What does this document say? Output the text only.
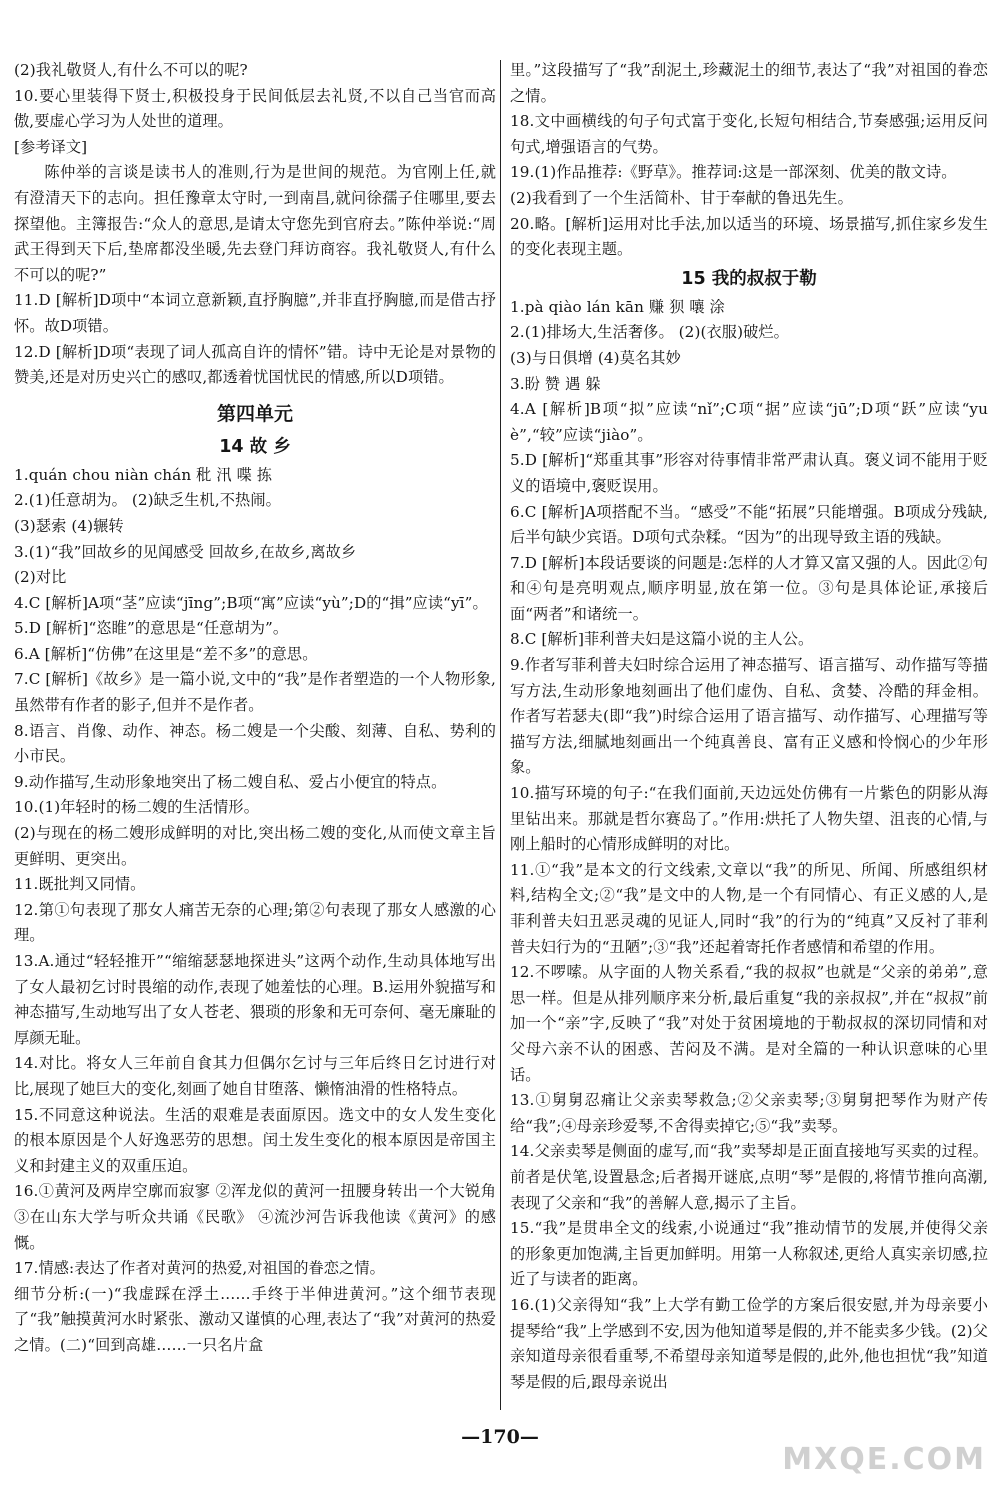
(2)我礼敬贤人,有什么不可以的呢?

10.要心里装得下贤士,积极投身于民间低层去礼贤,不以自己当官而高傲,要虚心学习为人处世的道理。

[参考译文]

陈仲举的言谈是读书人的准则,行为是世间的规范。为官刚上任,就有澄清天下的志向。担任豫章太守时,一到南昌,就问徐孺子住哪里,要去探望他。主簿报告:“众人的意思,是请太守您先到官府去。”陈仲举说:“周武王得到天下后,垫席都没坐暖,先去登门拜访商容。我礼敬贤人,有什么不可以的呢?”

11.D [解析]D项中“本词立意新颖,直抒胸臆”,并非直抒胸臆,而是借古抒怀。故D项错。

12.D [解析]D项“表现了词人孤高自许的情怀”错。诗中无论是对景物的赞美,还是对历史兴亡的感叹,都透着忧国忧民的情感,所以D项错。

第四单元

14 故 乡

1.quán chou niàn chán 秕 汛 喋 拣

2.(1)任意胡为。 (2)缺乏生机,不热闹。

(3)瑟索 (4)辗转

3.(1)“我”回故乡的见闻感受 回故乡,在故乡,离故乡

(2)对比

4.C [解析]A项“茎”应读“jīng”;B项“寓”应读“yù”;D的“揖”应读“yī”。

5.D [解析]“恣睢”的意思是“任意胡为”。

6.A [解析]“仿佛”在这里是“差不多”的意思。

7.C [解析]《故乡》是一篇小说,文中的“我”是作者塑造的一个人物形象,虽然带有作者的影子,但并不是作者。

8.语言、肖像、动作、神态。杨二嫂是一个尖酸、刻薄、自私、势利的小市民。

9.动作描写,生动形象地突出了杨二嫂自私、爱占小便宜的特点。

10.(1)年轻时的杨二嫂的生活情形。

(2)与现在的杨二嫂形成鲜明的对比,突出杨二嫂的变化,从而使文章主旨更鲜明、更突出。

11.既批判又同情。

12.第①句表现了那女人痛苦无奈的心理;第②句表现了那女人感激的心理。

13.A.通过“轻轻推开”“缩缩瑟瑟地探进头”这两个动作,生动具体地写出了女人最初乞讨时畏缩的动作,表现了她羞怯的心理。B.运用外貌描写和神态描写,生动地写出了女人苍老、猥琐的形象和无可奈何、毫无廉耻的厚颜无耻。

14.对比。将女人三年前自食其力但偶尔乞讨与三年后终日乞讨进行对比,展现了她巨大的变化,刻画了她自甘堕落、懒惰油滑的性格特点。

15.不同意这种说法。生活的艰难是表面原因。选文中的女人发生变化的根本原因是个人好逸恶劳的思想。闰土发生变化的根本原因是帝国主义和封建主义的双重压迫。

16.①黄河及两岸空廓而寂寥 ②浑龙似的黄河一扭腰身转出一个大锐角 ③在山东大学与听众共诵《民歌》 ④流沙河告诉我他读《黄河》的感慨。

17.情感:表达了作者对黄河的热爱,对祖国的眷恋之情。

细节分析:(一)“我虚踩在浮土……手终于半伸进黄河。”这个细节表现了“我”触摸黄河水时紧张、激动又谨慎的心理,表达了“我”对黄河的热爱之情。(二)“回到高雄……一只名片盒

里。”这段描写了“我”刮泥土,珍藏泥土的细节,表达了“我”对祖国的眷恋之情。

18.文中画横线的句子句式富于变化,长短句相结合,节奏感强;运用反问句式,增强语言的气势。

19.(1)作品推荐:《野草》。推荐词:这是一部深刻、优美的散文诗。

(2)我看到了一个生活简朴、甘于奉献的鲁迅先生。

20.略。[解析]运用对比手法,加以适当的环境、场景描写,抓住家乡发生的变化表现主题。

15 我的叔叔于勒

1.pà qiào lán kān 赚 狈 嚷 涂

2.(1)排场大,生活奢侈。 (2)(衣服)破烂。

(3)与日俱增 (4)莫名其妙

3.盼 赞 遇 躲

4.A [解析]B项“拟”应读“nǐ”;C项“据”应读“jū”;D项“跃”应读“yuè”,“较”应读“jiào”。

5.D [解析]“郑重其事”形容对待事情非常严肃认真。褒义词不能用于贬义的语境中,褒贬误用。

6.C [解析]A项搭配不当。“感受”不能“拓展”只能增强。B项成分残缺,后半句缺少宾语。D项句式杂糅。“因为”的出现导致主语的残缺。

7.D [解析]本段话要谈的问题是:怎样的人才算又富又强的人。因此②句和④句是亮明观点,顺序明显,放在第一位。③句是具体论证,承接后面“两者”和诸统一。

8.C [解析]菲利普夫妇是这篇小说的主人公。

9.作者写菲利普夫妇时综合运用了神态描写、语言描写、动作描写等描写方法,生动形象地刻画出了他们虚伪、自私、贪婪、冷酷的拜金相。作者写若瑟夫(即“我”)时综合运用了语言描写、动作描写、心理描写等描写方法,细腻地刻画出一个纯真善良、富有正义感和怜悯心的少年形象。

10.描写环境的句子:“在我们面前,天边远处仿佛有一片紫色的阴影从海里钻出来。那就是哲尔赛岛了。”作用:烘托了人物失望、沮丧的心情,与刚上船时的心情形成鲜明的对比。

11.①“我”是本文的行文线索,文章以“我”的所见、所闻、所感组织材料,结构全文;②“我”是文中的人物,是一个有同情心、有正义感的人,是菲利普夫妇丑恶灵魂的见证人,同时“我”的行为的“纯真”又反衬了菲利普夫妇行为的“丑陋”;③“我”还起着寄托作者感情和希望的作用。

12.不啰嗦。从字面的人物关系看,“我的叔叔”也就是“父亲的弟弟”,意思一样。但是从排列顺序来分析,最后重复“我的亲叔叔”,并在“叔叔”前加一个“亲”字,反映了“我”对处于贫困境地的于勒叔叔的深切同情和对父母六亲不认的困惑、苦闷及不满。是对全篇的一种认识意味的心里话。

13.①舅舅忍痛让父亲卖琴救急;②父亲卖琴;③舅舅把琴作为财产传给“我”;④母亲珍爱琴,不舍得卖掉它;⑤“我”卖琴。

14.父亲卖琴是侧面的虚写,而“我”卖琴却是正面直接地写买卖的过程。前者是伏笔,设置悬念;后者揭开谜底,点明“琴”是假的,将情节推向高潮,表现了父亲和“我”的善解人意,揭示了主旨。

15.“我”是贯串全文的线索,小说通过“我”推动情节的发展,并使得父亲的形象更加饱满,主旨更加鲜明。用第一人称叙述,更给人真实亲切感,拉近了与读者的距离。

16.(1)父亲得知“我”上大学有勤工俭学的方案后很安慰,并为母亲要小提琴给“我”上学感到不安,因为他知道琴是假的,并不能卖多少钱。(2)父亲知道母亲很看重琴,不希望母亲知道琴是假的,此外,他也担忧“我”知道琴是假的后,跟母亲说出

—170—
MXQE.COM
